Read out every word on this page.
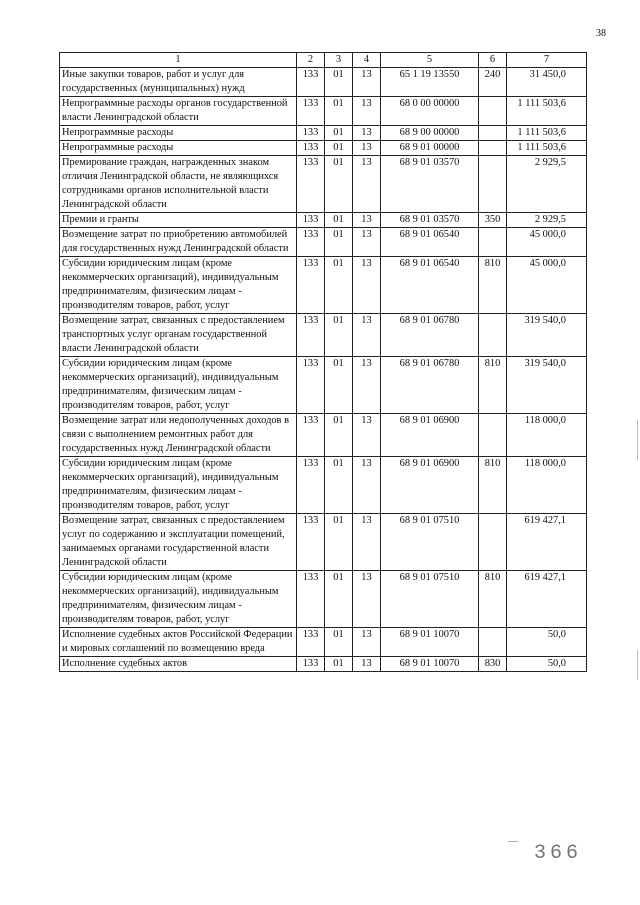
38
1	2	3	4	5	6	7
Иные закупки товаров, работ и услуг для государственных (муниципальных) нужд	133	01	13	65 1 19 13550	240	31 450,0
Непрограммные расходы органов государственной власти Ленинградской области	133	01	13	68 0 00 00000		1 111 503,6
Непрограммные расходы	133	01	13	68 9 00 00000		1 111 503,6
Непрограммные расходы	133	01	13	68 9 01 00000		1 111 503,6
Премирование граждан, награжденных знаком отличия Ленинградской области, не являющихся сотрудниками органов исполнительной власти Ленинградской области	133	01	13	68 9 01 03570		2 929,5
Премии и гранты	133	01	13	68 9 01 03570	350	2 929,5
Возмещение затрат по приобретению автомобилей для государственных нужд Ленинградской области	133	01	13	68 9 01 06540		45 000,0
Субсидии юридическим лицам (кроме некоммерческих организаций), индивидуальным предпринимателям, физическим лицам - производителям товаров, работ, услуг	133	01	13	68 9 01 06540	810	45 000,0
Возмещение затрат, связанных с предоставлением транспортных услуг органам государственной власти Ленинградской области	133	01	13	68 9 01 06780		319 540,0
Субсидии юридическим лицам (кроме некоммерческих организаций), индивидуальным предпринимателям, физическим лицам - производителям товаров, работ, услуг	133	01	13	68 9 01 06780	810	319 540,0
Возмещение затрат или недополученных доходов в связи с выполнением ремонтных работ для государственных нужд Ленинградской области	133	01	13	68 9 01 06900		118 000,0
Субсидии юридическим лицам (кроме некоммерческих организаций), индивидуальным предпринимателям, физическим лицам - производителям товаров, работ, услуг	133	01	13	68 9 01 06900	810	118 000,0
Возмещение затрат, связанных с предоставлением услуг по содержанию и эксплуатации помещений, занимаемых органами государственной власти Ленинградской области	133	01	13	68 9 01 07510		619 427,1
Субсидии юридическим лицам (кроме некоммерческих организаций), индивидуальным предпринимателям, физическим лицам - производителям товаров, работ, услуг	133	01	13	68 9 01 07510	810	619 427,1
Исполнение судебных актов Российской Федерации и мировых соглашений по возмещению вреда	133	01	13	68 9 01 10070		50,0
Исполнение судебных актов	133	01	13	68 9 01 10070	830	50,0
—
366
